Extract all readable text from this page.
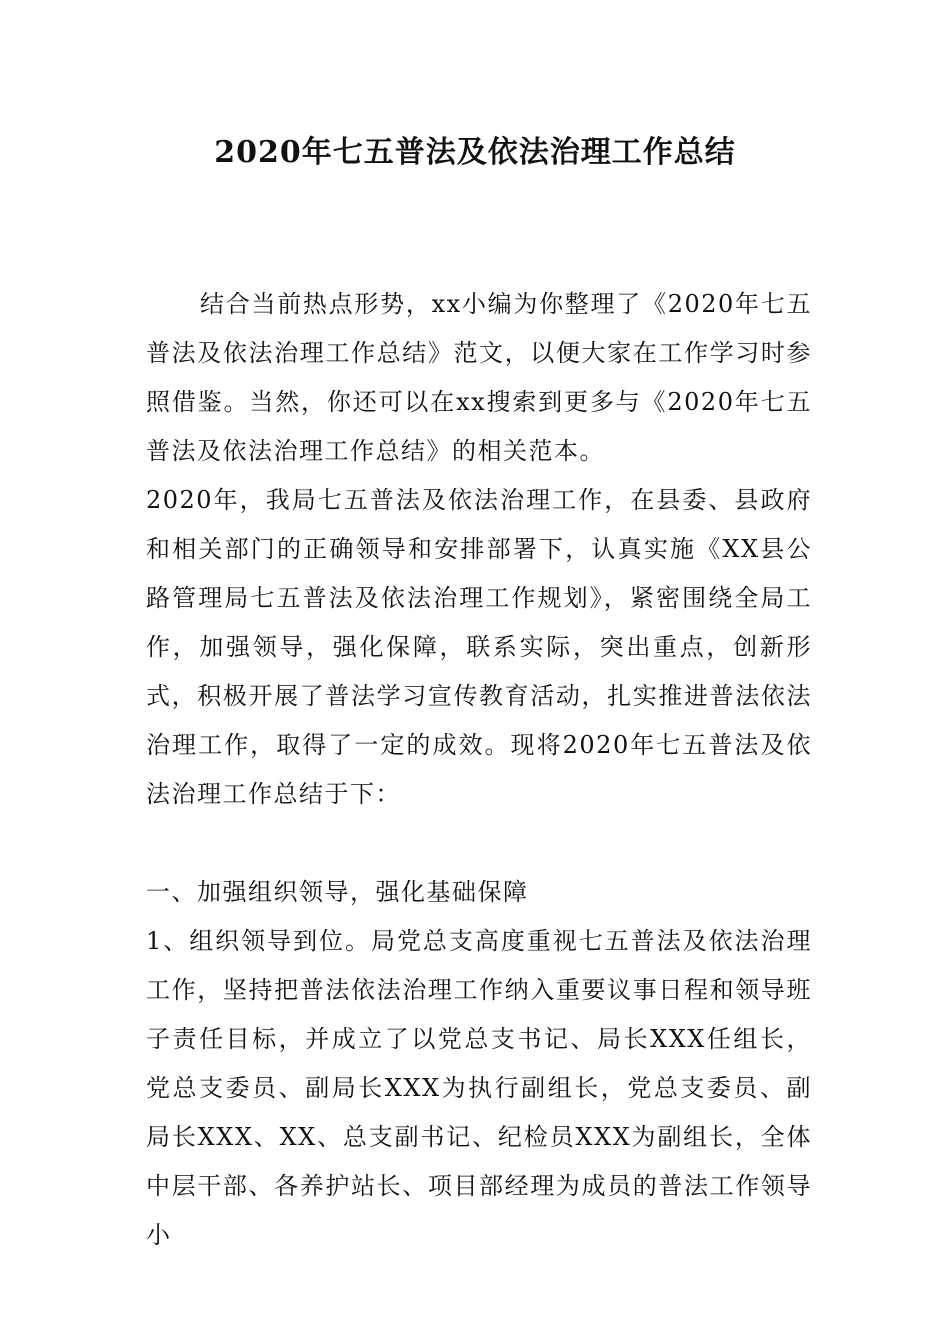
2020年七五普法及依法治理工作总结

结合当前热点形势，xx小编为你整理了《2020年七五普法及依法治理工作总结》范文，以便大家在工作学习时参照借鉴。当然，你还可以在xx搜索到更多与《2020年七五普法及依法治理工作总结》的相关范本。

2020年，我局七五普法及依法治理工作，在县委、县政府和相关部门的正确领导和安排部署下，认真实施《XX县公路管理局七五普法及依法治理工作规划》，紧密围绕全局工作，加强领导，强化保障，联系实际，突出重点，创新形式，积极开展了普法学习宣传教育活动，扎实推进普法依法治理工作，取得了一定的成效。现将2020年七五普法及依法治理工作总结于下：

一、加强组织领导，强化基础保障

1、组织领导到位。局党总支高度重视七五普法及依法治理工作，坚持把普法依法治理工作纳入重要议事日程和领导班子责任目标，并成立了以党总支书记、局长XXX任组长，党总支委员、副局长XXX为执行副组长，党总支委员、副局长XXX、XX、总支副书记、纪检员XXX为副组长，全体中层干部、各养护站长、项目部经理为成员的普法工作领导小
